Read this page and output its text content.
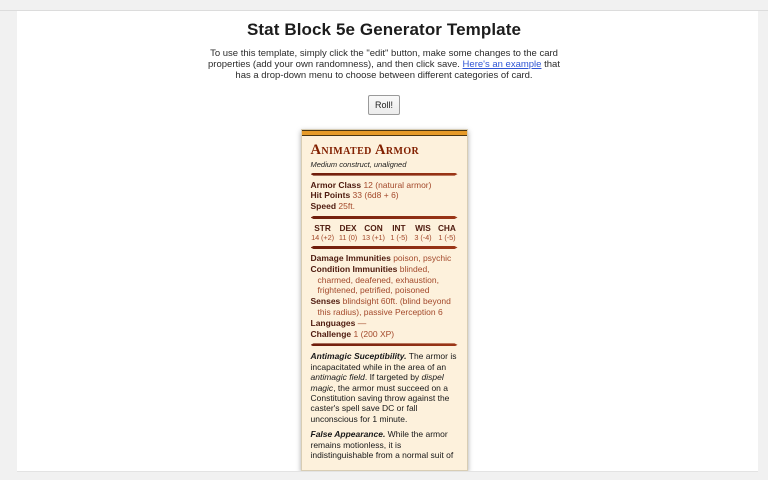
Stat Block 5e Generator Template

To use this template, simply click the "edit" button, make some changes to the card properties (add your own randomness), and then click save. Here's an example that has a drop-down menu to choose between different categories of card.

Roll!
Animated Armor
Medium construct, unaligned
Armor Class 12 (natural armor)
Hit Points 33 (6d8 + 6)
Speed 25ft.
STR
14 (+2)
DEX
11 (0)
CON
13 (+1)
INT
1 (-5)
WIS
3 (-4)
CHA
1 (-5)
Damage Immunities poison, psychic
Condition Immunities blinded, charmed, deafened, exhaustion, frightened, petrified, poisoned
Senses blindsight 60ft. (blind beyond this radius), passive Perception 6
Languages —
Challenge 1 (200 XP)

Antimagic Suceptibility. The armor is incapacitated while in the area of an antimagic field. If targeted by dispel magic, the armor must succeed on a Constitution saving throw against the caster's spell save DC or fall unconscious for 1 minute.

False Appearance. While the armor remains motionless, it is indistinguishable from a normal suit of
